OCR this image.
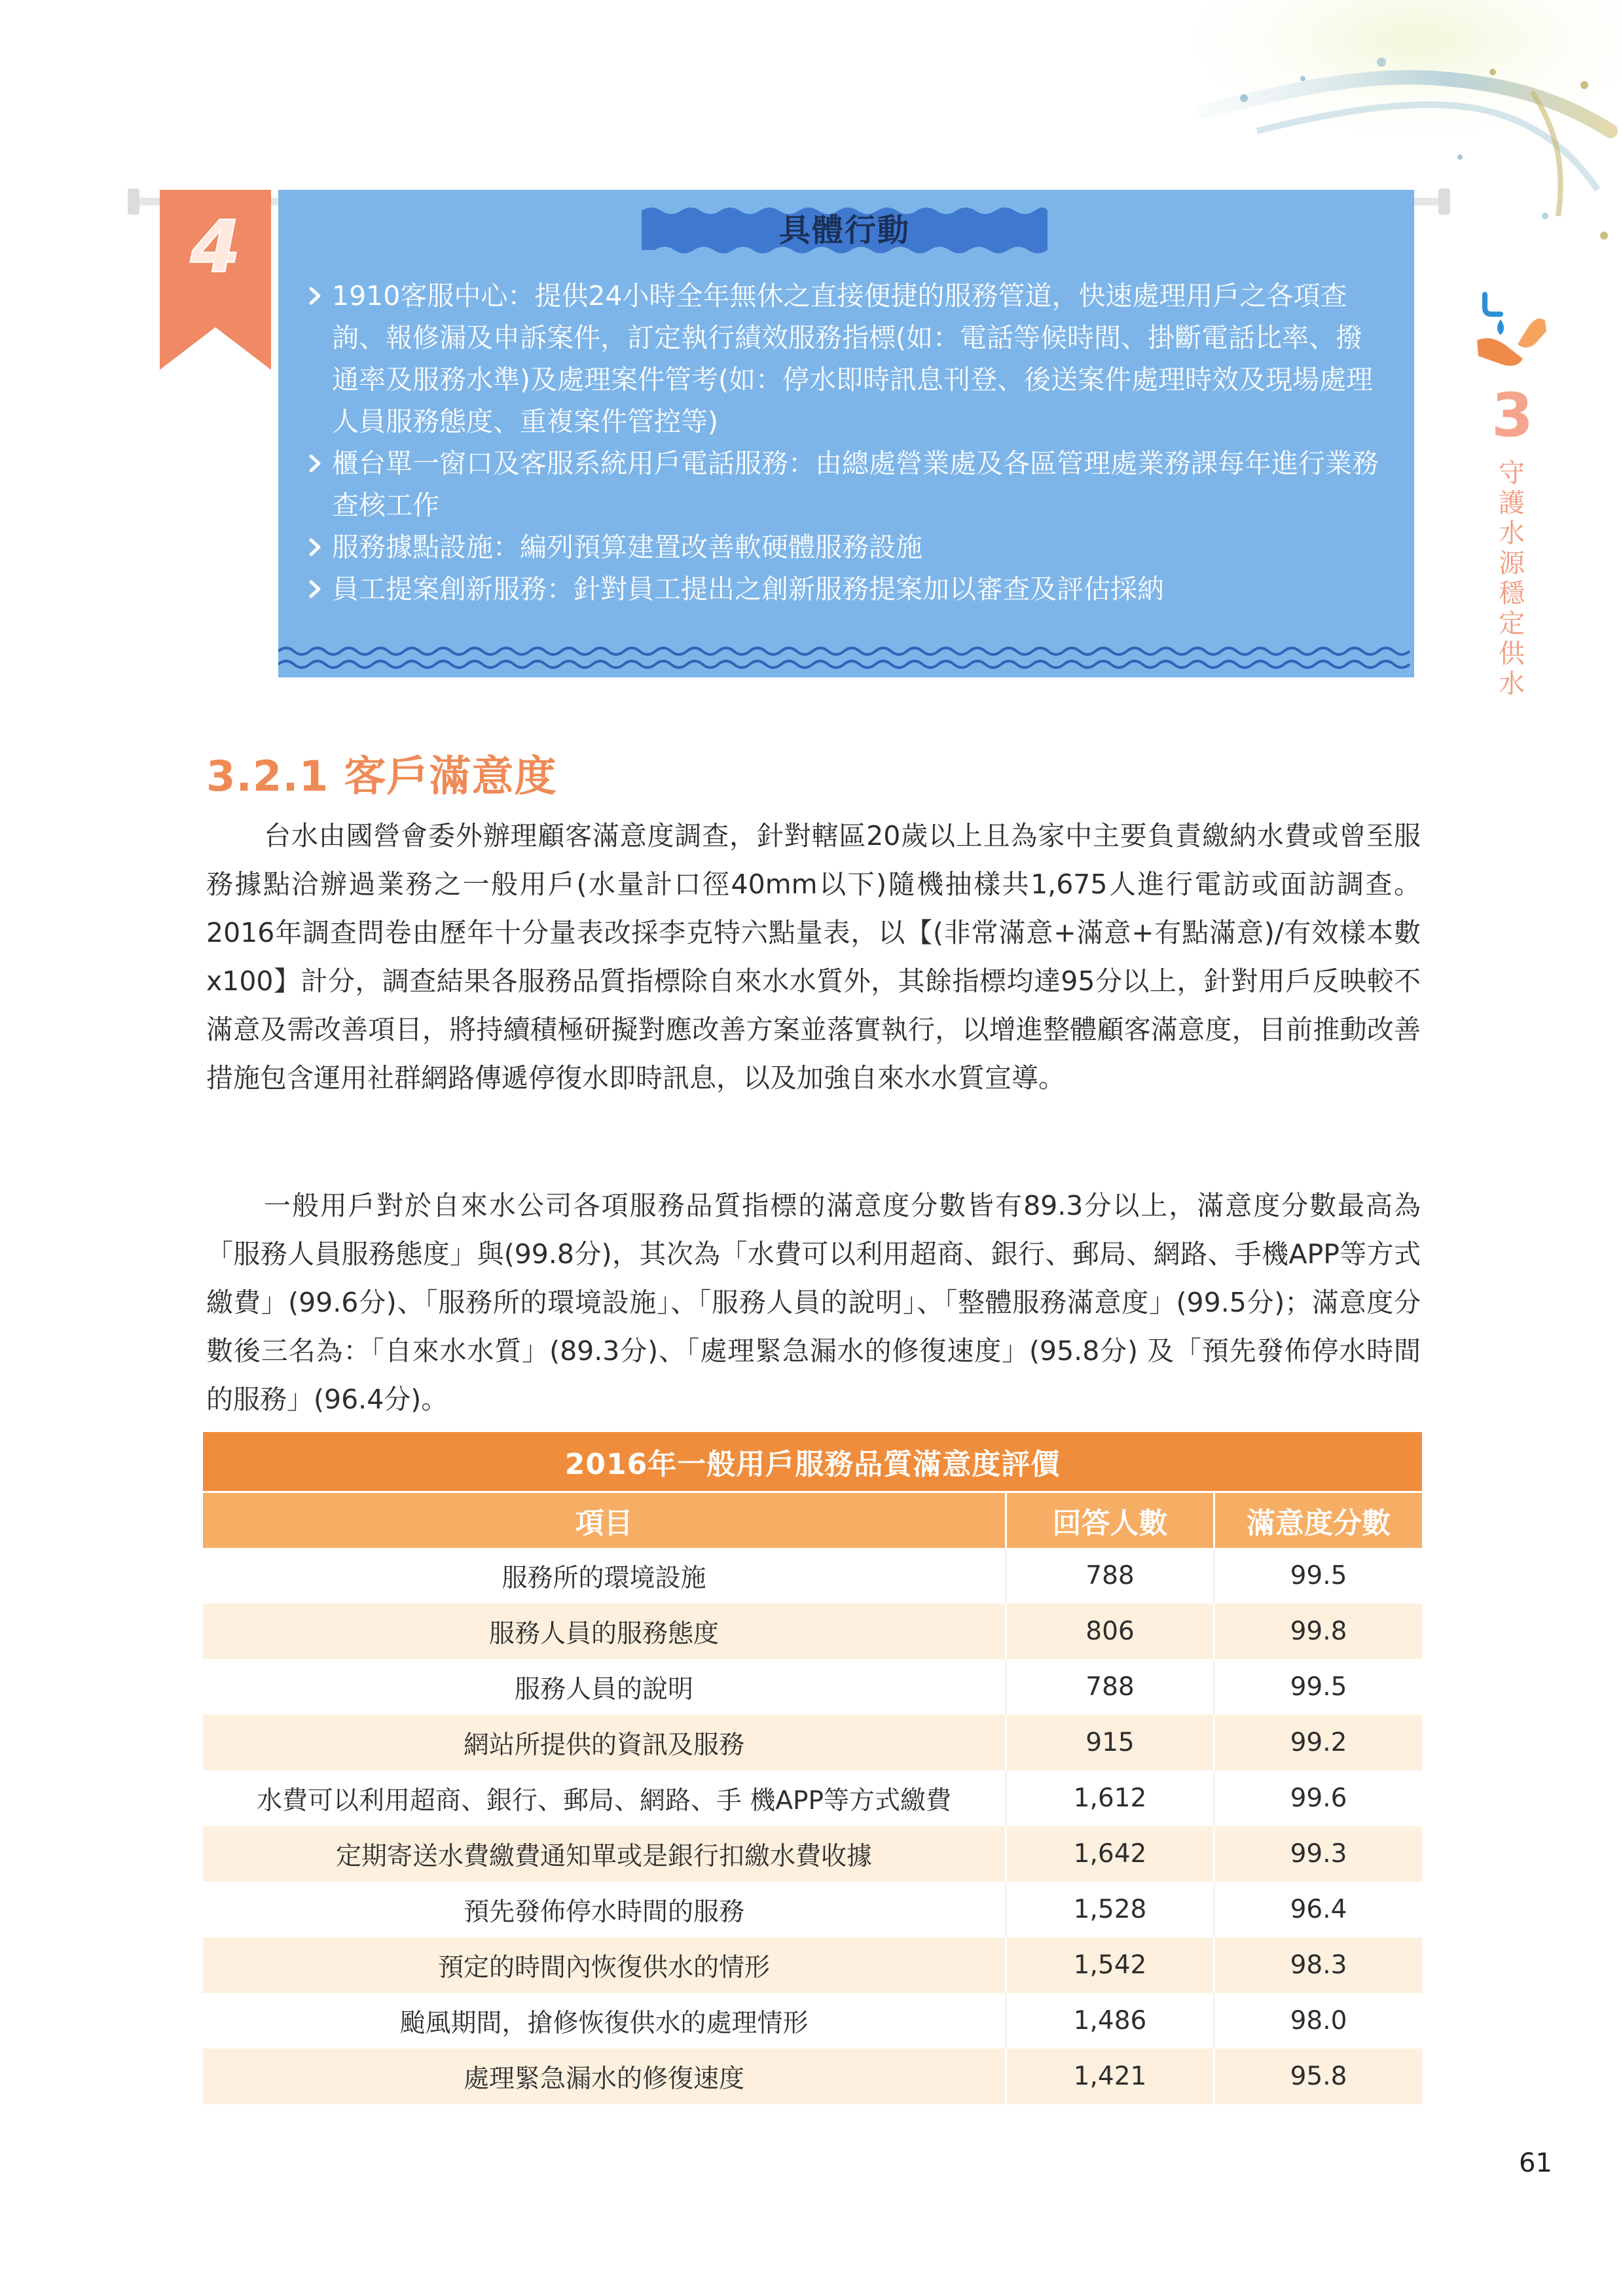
4	具體行動
1910客服中心：提供24小時全年無休之直接便捷的服務管道，快速處理用戶之各項查詢、報修漏及申訴案件，訂定執行績效服務指標(如：電話等候時間、掛斷電話比率、撥通率及服務水準)及處理案件管考(如：停水即時訊息刊登、後送案件處理時效及現場處理人員服務態度、重複案件管控等)
櫃台單一窗口及客服系統用戶電話服務：由總處營業處及各區管理處業務課每年進行業務查核工作
服務據點設施：編列預算建置改善軟硬體服務設施
員工提案創新服務：針對員工提出之創新服務提案加以審查及評估採納
3
守護水源 穩定供水
3.2.1 客戶滿意度

台水由國營會委外辦理顧客滿意度調查，針對轄區20歲以上且為家中主要負責繳納水費或曾至服務據點洽辦過業務之一般用戶(水量計口徑40mm以下)隨機抽樣共1,675人進行電訪或面訪調查。2016年調查問卷由歷年十分量表改採李克特六點量表，以【(非常滿意+滿意+有點滿意)/有效樣本數x100】計分，調查結果各服務品質指標除自來水水質外，其餘指標均達95分以上，針對用戶反映較不滿意及需改善項目，將持續積極研擬對應改善方案並落實執行，以增進整體顧客滿意度，目前推動改善措施包含運用社群網路傳遞停復水即時訊息，以及加強自來水水質宣導。

一般用戶對於自來水公司各項服務品質指標的滿意度分數皆有89.3分以上，滿意度分數最高為「服務人員服務態度」與(99.8分)，其次為「水費可以利用超商、銀行、郵局、網路、手機APP等方式繳費」(99.6分)、「服務所的環境設施」、「服務人員的說明」、「整體服務滿意度」(99.5分)；滿意度分數後三名為：「自來水水質」(89.3分)、「處理緊急漏水的修復速度」(95.8分) 及「預先發佈停水時間的服務」(96.4分)。

2016年一般用戶服務品質滿意度評價		
項目	回答人數	滿意度分數
服務所的環境設施	788	99.5
服務人員的服務態度	806	99.8
服務人員的說明	788	99.5
網站所提供的資訊及服務	915	99.2
水費可以利用超商、銀行、郵局、網路、手 機APP等方式繳費	1,612	99.6
定期寄送水費繳費通知單或是銀行扣繳水費收據	1,642	99.3
預先發佈停水時間的服務	1,528	96.4
預定的時間內恢復供水的情形	1,542	98.3
颱風期間，搶修恢復供水的處理情形	1,486	98.0
處理緊急漏水的修復速度	1,421	95.8
61
